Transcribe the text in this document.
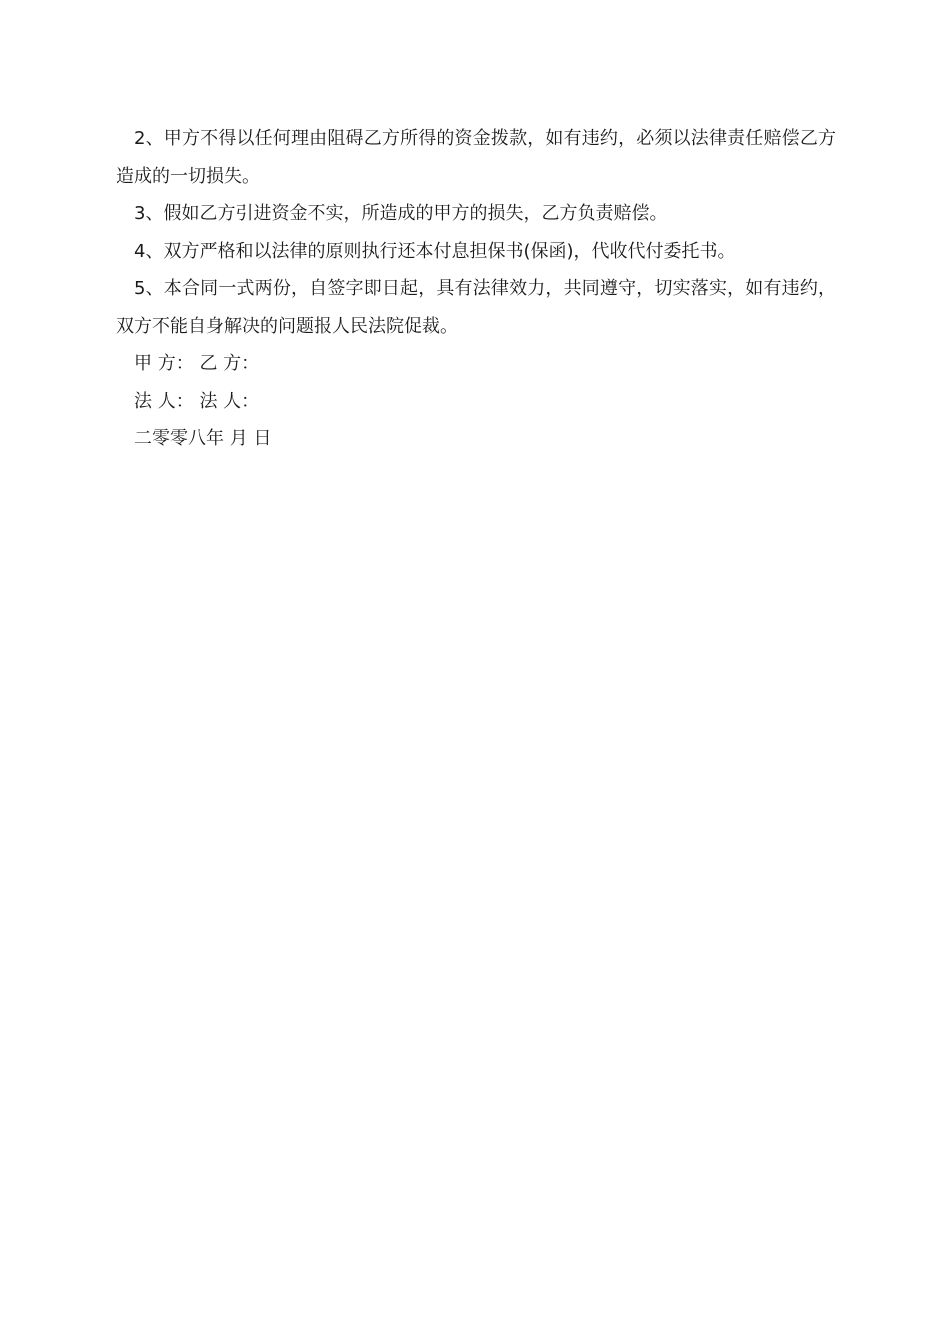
2、甲方不得以任何理由阻碍乙方所得的资金拨款，如有违约，必须以法律责任赔偿乙方造成的一切损失。

3、假如乙方引进资金不实，所造成的甲方的损失，乙方负责赔偿。

4、双方严格和以法律的原则执行还本付息担保书(保函)，代收代付委托书。

5、本合同一式两份，自签字即日起，具有法律效力，共同遵守，切实落实，如有违约，双方不能自身解决的问题报人民法院促裁。

甲 方： 乙 方：

法 人： 法 人：

二零零八年 月 日
